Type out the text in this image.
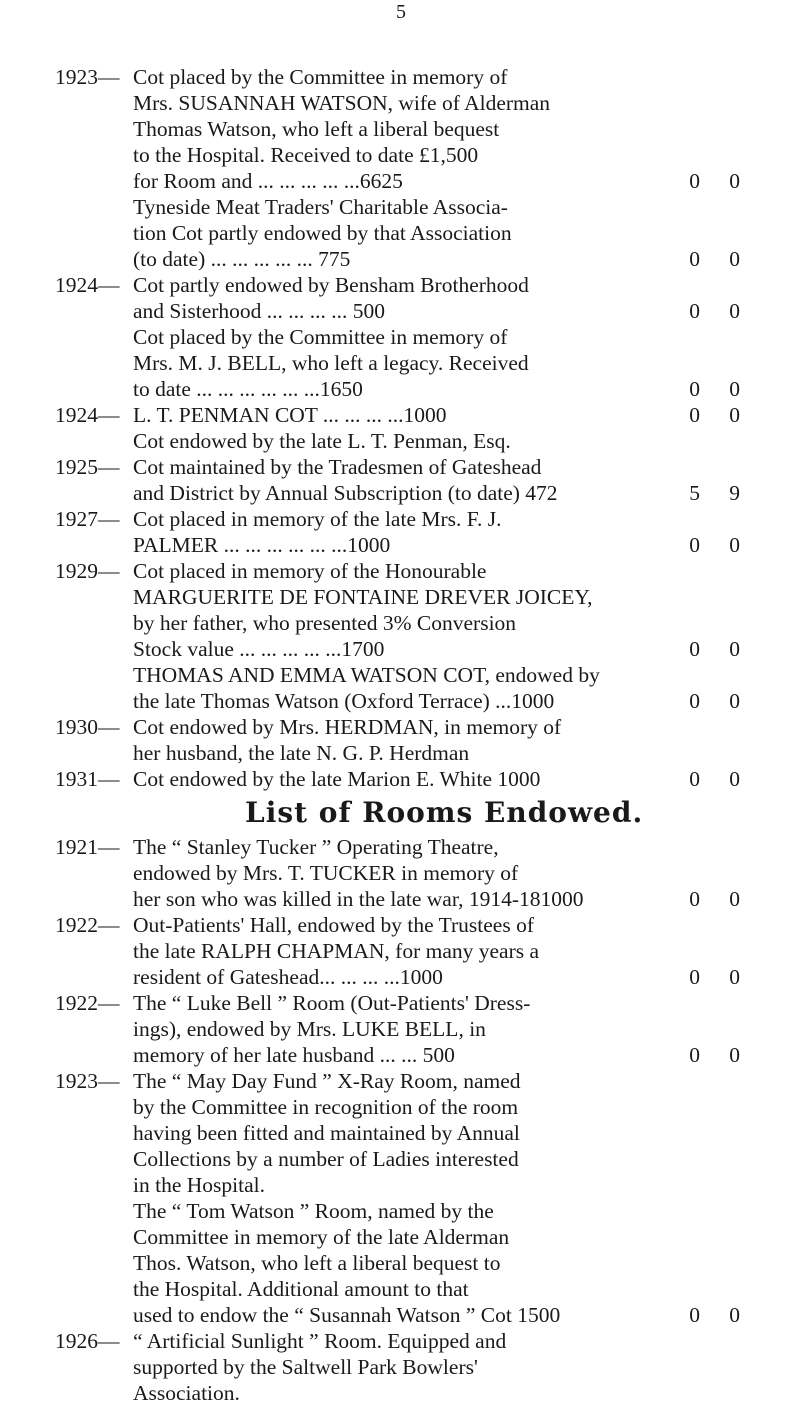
5
1923— Cot placed by the Committee in memory of
Mrs. SUSANNAH WATSON, wife of Alderman
Thomas Watson, who left a liberal bequest
to the Hospital. Received to date £1,500
for Room and ... ... ... ... ...6625	0 0
Tyneside Meat Traders' Charitable Associa-
tion Cot partly endowed by that Association
(to date) ... ... ... ... ... 775	0 0
1924— Cot partly endowed by Bensham Brotherhood
and Sisterhood ... ... ... ... 500	0 0
Cot placed by the Committee in memory of
Mrs. M. J. BELL, who left a legacy. Received
to date ... ... ... ... ... ...1650	0 0
1924— L. T. PENMAN COT ... ... ... ...1000	0 0
Cot endowed by the late L. T. Penman, Esq.
1925— Cot maintained by the Tradesmen of Gateshead
and District by Annual Subscription (to date) 472	5 9
1927— Cot placed in memory of the late Mrs. F. J.
PALMER ... ... ... ... ... ...1000	0 0
1929— Cot placed in memory of the Honourable
MARGUERITE DE FONTAINE DREVER JOICEY,
by her father, who presented 3% Conversion
Stock value ... ... ... ... ...1700	0 0
THOMAS AND EMMA WATSON COT, endowed by
the late Thomas Watson (Oxford Terrace) ...1000	0 0
1930— Cot endowed by Mrs. HERDMAN, in memory of
her husband, the late N. G. P. Herdman
1931— Cot endowed by the late Marion E. White 1000	0 0
List of Rooms Endowed.
1921— The “ Stanley Tucker ” Operating Theatre,
endowed by Mrs. T. TUCKER in memory of
her son who was killed in the late war, 1914-181000	0 0
1922— Out-Patients' Hall, endowed by the Trustees of
the late RALPH CHAPMAN, for many years a
resident of Gateshead... ... ... ...1000	0 0
1922— The “ Luke Bell ” Room (Out-Patients' Dress-
ings), endowed by Mrs. LUKE BELL, in
memory of her late husband ... ... 500	0 0
1923— The “ May Day Fund ” X-Ray Room, named
by the Committee in recognition of the room
having been fitted and maintained by Annual
Collections by a number of Ladies interested
in the Hospital.
The “ Tom Watson ” Room, named by the
Committee in memory of the late Alderman
Thos. Watson, who left a liberal bequest to
the Hospital. Additional amount to that
used to endow the “ Susannah Watson ” Cot 1500	0 0
1926— “ Artificial Sunlight ” Room. Equipped and
supported by the Saltwell Park Bowlers'
Association.
